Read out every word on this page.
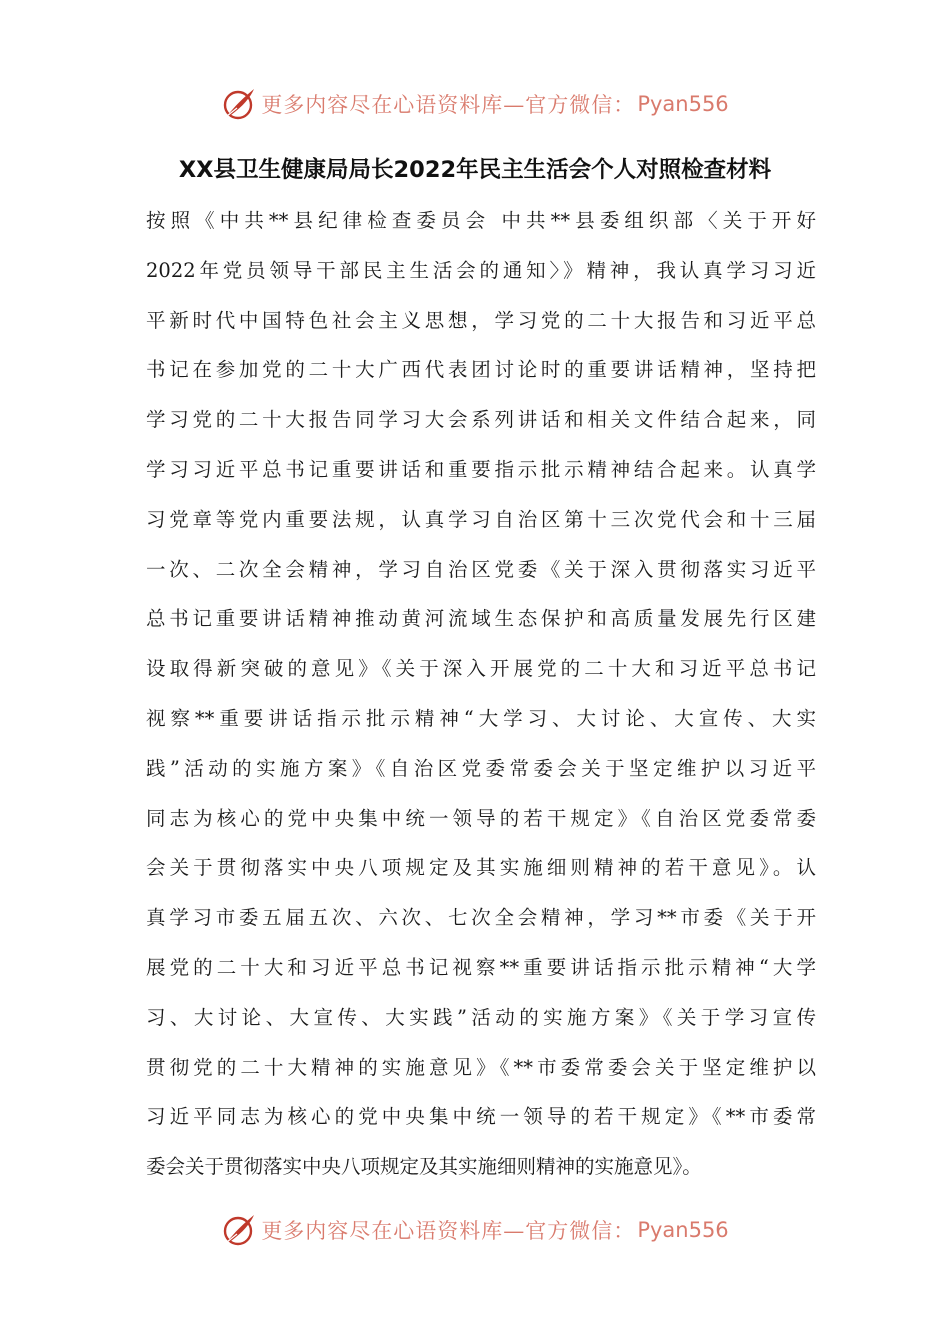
更多内容尽在心语资料库—官方微信： Pyan556
XX县卫生健康局局长2022年民主生活会个人对照检查材料
按照《中共**县纪律检查委员会 中共**县委组织部〈关于开好
2022年党员领导干部民主生活会的通知〉》精神，我认真学习习近
平新时代中国特色社会主义思想，学习党的二十大报告和习近平总
书记在参加党的二十大广西代表团讨论时的重要讲话精神，坚持把
学习党的二十大报告同学习大会系列讲话和相关文件结合起来，同
学习习近平总书记重要讲话和重要指示批示精神结合起来。认真学
习党章等党内重要法规，认真学习自治区第十三次党代会和十三届
一次、二次全会精神，学习自治区党委《关于深入贯彻落实习近平
总书记重要讲话精神推动黄河流域生态保护和高质量发展先行区建
设取得新突破的意见》《关于深入开展党的二十大和习近平总书记
视察**重要讲话指示批示精神“大学习、大讨论、大宣传、大实
践”活动的实施方案》《自治区党委常委会关于坚定维护以习近平
同志为核心的党中央集中统一领导的若干规定》《自治区党委常委
会关于贯彻落实中央八项规定及其实施细则精神的若干意见》。认
真学习市委五届五次、六次、七次全会精神，学习**市委《关于开
展党的二十大和习近平总书记视察**重要讲话指示批示精神“大学
习、大讨论、大宣传、大实践”活动的实施方案》《关于学习宣传
贯彻党的二十大精神的实施意见》《**市委常委会关于坚定维护以
习近平同志为核心的党中央集中统一领导的若干规定》《**市委常
委会关于贯彻落实中央八项规定及其实施细则精神的实施意见》。
更多内容尽在心语资料库—官方微信： Pyan556
